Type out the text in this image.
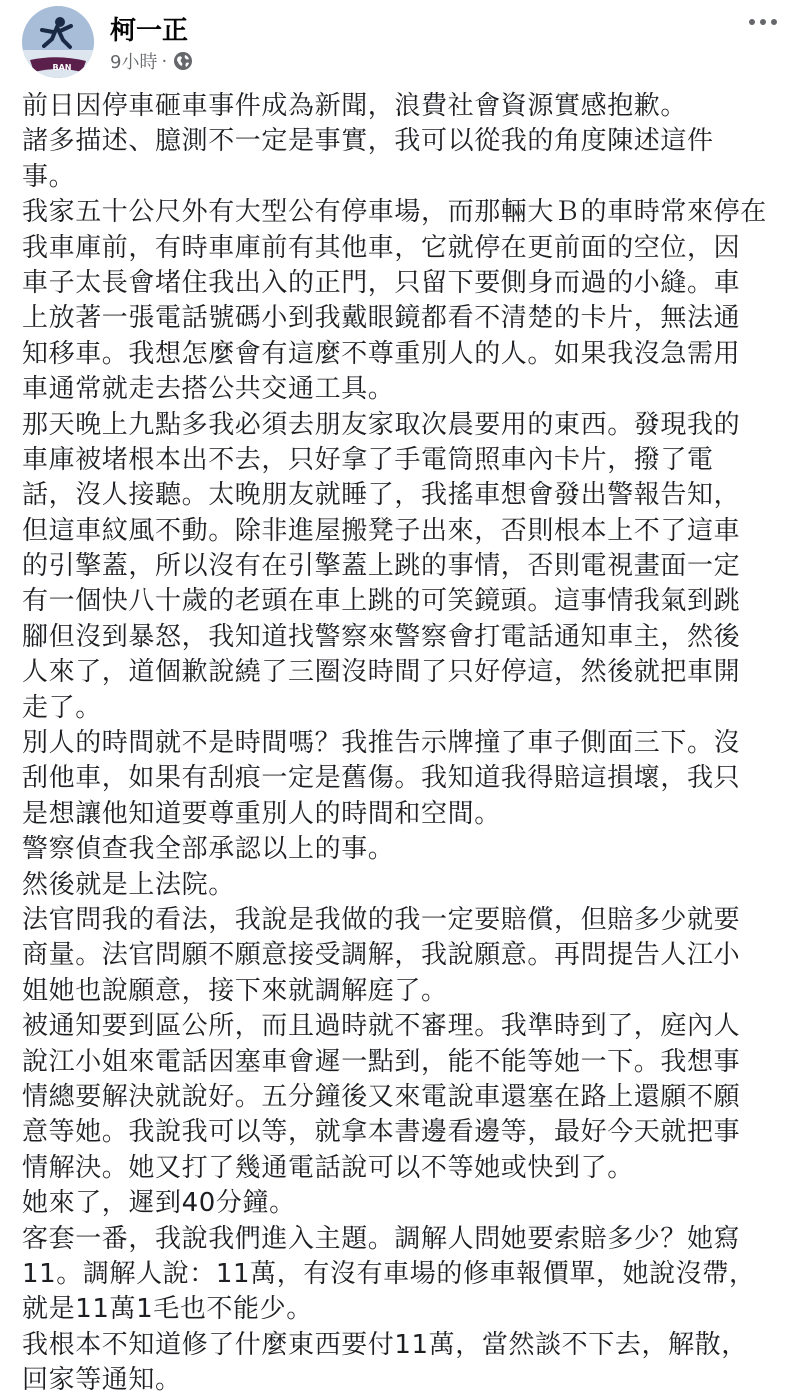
BAN
柯一正
9小時 ·
前日因停車砸車事件成為新聞，浪費社會資源實感抱歉。
諸多描述、臆測不一定是事實，我可以從我的角度陳述這件
事。
我家五十公尺外有大型公有停車場，而那輛大Ｂ的車時常來停在
我車庫前，有時車庫前有其他車，它就停在更前面的空位，因
車子太長會堵住我出入的正門，只留下要側身而過的小縫。車
上放著一張電話號碼小到我戴眼鏡都看不清楚的卡片，無法通
知移車。我想怎麼會有這麼不尊重別人的人。如果我沒急需用
車通常就走去搭公共交通工具。
那天晚上九點多我必須去朋友家取次晨要用的東西。發現我的
車庫被堵根本出不去，只好拿了手電筒照車內卡片，撥了電
話，沒人接聽。太晚朋友就睡了，我搖車想會發出警報告知，
但這車紋風不動。除非進屋搬凳子出來，否則根本上不了這車
的引擎蓋，所以沒有在引擎蓋上跳的事情，否則電視畫面一定
有一個快八十歲的老頭在車上跳的可笑鏡頭。這事情我氣到跳
腳但沒到暴怒，我知道找警察來警察會打電話通知車主，然後
人來了，道個歉說繞了三圈沒時間了只好停這，然後就把車開
走了。
別人的時間就不是時間嗎？我推告示牌撞了車子側面三下。沒
刮他車，如果有刮痕一定是舊傷。我知道我得賠這損壞，我只
是想讓他知道要尊重別人的時間和空間。
警察偵查我全部承認以上的事。
然後就是上法院。
法官問我的看法，我說是我做的我一定要賠償，但賠多少就要
商量。法官問願不願意接受調解，我說願意。再問提告人江小
姐她也說願意，接下來就調解庭了。
被通知要到區公所，而且過時就不審理。我準時到了，庭內人
說江小姐來電話因塞車會遲一點到，能不能等她一下。我想事
情總要解決就說好。五分鐘後又來電說車還塞在路上還願不願
意等她。我說我可以等，就拿本書邊看邊等，最好今天就把事
情解決。她又打了幾通電話說可以不等她或快到了。
她來了，遲到40分鐘。
客套一番，我說我們進入主題。調解人問她要索賠多少？她寫
11。調解人說：11萬，有沒有車場的修車報價單，她說沒帶，
就是11萬1毛也不能少。
我根本不知道修了什麼東西要付11萬，當然談不下去，解散，
回家等通知。
